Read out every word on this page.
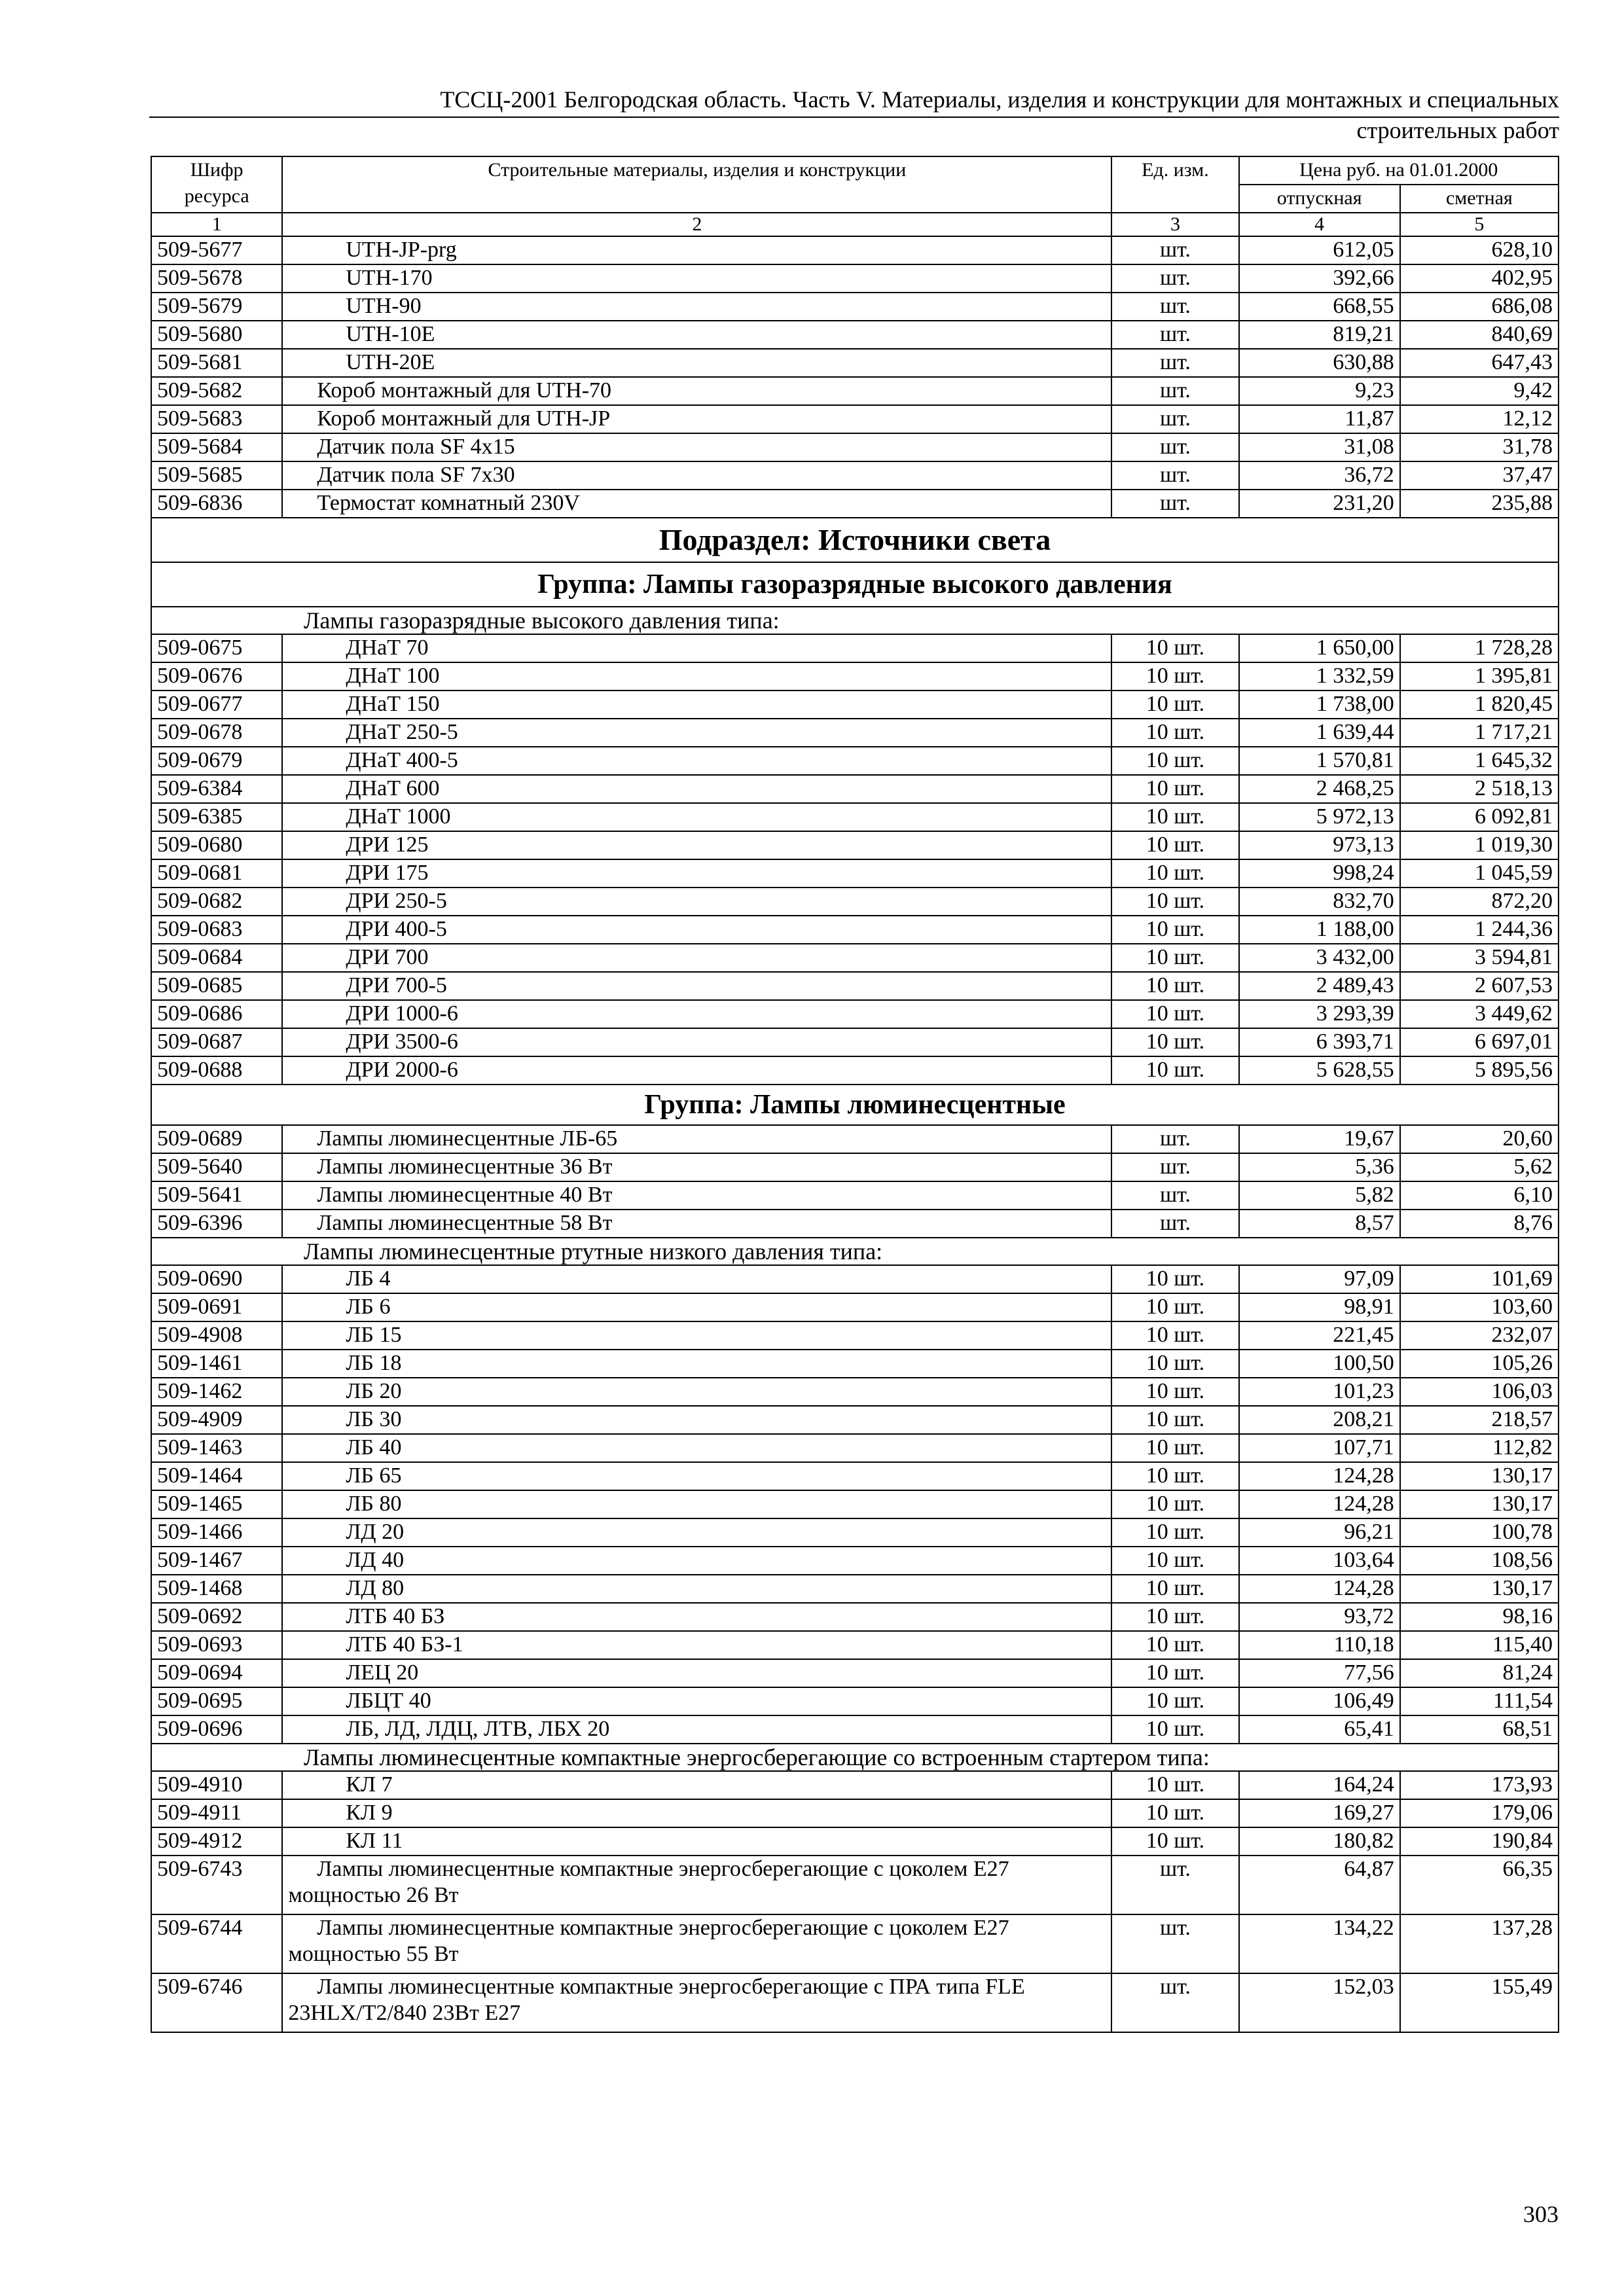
ТССЦ-2001 Белгородская область. Часть V. Материалы, изделия и конструкции для монтажных и специальных
строительных работ
Шифр ресурса	Строительные материалы, изделия и конструкции	Ед. изм.	Цена руб. на 01.01.2000	
			отпускная	сметная
1	2	3	4	5
509-5677	UTH-JP-prg	шт.	612,05	628,10
509-5678	UTH-170	шт.	392,66	402,95
509-5679	UTH-90	шт.	668,55	686,08
509-5680	UTH-10E	шт.	819,21	840,69
509-5681	UTH-20E	шт.	630,88	647,43
509-5682	Короб монтажный для UTH-70	шт.	9,23	9,42
509-5683	Короб монтажный для UTH-JP	шт.	11,87	12,12
509-5684	Датчик пола SF 4x15	шт.	31,08	31,78
509-5685	Датчик пола SF 7x30	шт.	36,72	37,47
509-6836	Термостат комнатный 230V	шт.	231,20	235,88
Подраздел: Источники света				
Группа: Лампы газоразрядные высокого давления				
Лампы газоразрядные высокого давления типа:				
509-0675	ДНаТ 70	10 шт.	1 650,00	1 728,28
509-0676	ДНаТ 100	10 шт.	1 332,59	1 395,81
509-0677	ДНаТ 150	10 шт.	1 738,00	1 820,45
509-0678	ДНаТ 250-5	10 шт.	1 639,44	1 717,21
509-0679	ДНаТ 400-5	10 шт.	1 570,81	1 645,32
509-6384	ДНаТ 600	10 шт.	2 468,25	2 518,13
509-6385	ДНаТ 1000	10 шт.	5 972,13	6 092,81
509-0680	ДРИ 125	10 шт.	973,13	1 019,30
509-0681	ДРИ 175	10 шт.	998,24	1 045,59
509-0682	ДРИ 250-5	10 шт.	832,70	872,20
509-0683	ДРИ 400-5	10 шт.	1 188,00	1 244,36
509-0684	ДРИ 700	10 шт.	3 432,00	3 594,81
509-0685	ДРИ 700-5	10 шт.	2 489,43	2 607,53
509-0686	ДРИ 1000-6	10 шт.	3 293,39	3 449,62
509-0687	ДРИ 3500-6	10 шт.	6 393,71	6 697,01
509-0688	ДРИ 2000-6	10 шт.	5 628,55	5 895,56
Группа: Лампы люминесцентные				
509-0689	Лампы люминесцентные ЛБ-65	шт.	19,67	20,60
509-5640	Лампы люминесцентные 36 Вт	шт.	5,36	5,62
509-5641	Лампы люминесцентные 40 Вт	шт.	5,82	6,10
509-6396	Лампы люминесцентные 58 Вт	шт.	8,57	8,76
Лампы люминесцентные ртутные низкого давления типа:				
509-0690	ЛБ 4	10 шт.	97,09	101,69
509-0691	ЛБ 6	10 шт.	98,91	103,60
509-4908	ЛБ 15	10 шт.	221,45	232,07
509-1461	ЛБ 18	10 шт.	100,50	105,26
509-1462	ЛБ 20	10 шт.	101,23	106,03
509-4909	ЛБ 30	10 шт.	208,21	218,57
509-1463	ЛБ 40	10 шт.	107,71	112,82
509-1464	ЛБ 65	10 шт.	124,28	130,17
509-1465	ЛБ 80	10 шт.	124,28	130,17
509-1466	ЛД 20	10 шт.	96,21	100,78
509-1467	ЛД 40	10 шт.	103,64	108,56
509-1468	ЛД 80	10 шт.	124,28	130,17
509-0692	ЛТБ 40 БЗ	10 шт.	93,72	98,16
509-0693	ЛТБ 40 БЗ-1	10 шт.	110,18	115,40
509-0694	ЛЕЦ 20	10 шт.	77,56	81,24
509-0695	ЛБЦТ 40	10 шт.	106,49	111,54
509-0696	ЛБ, ЛД, ЛДЦ, ЛТВ, ЛБХ 20	10 шт.	65,41	68,51
Лампы люминесцентные компактные энергосберегающие со встроенным стартером типа:				
509-4910	КЛ 7	10 шт.	164,24	173,93
509-4911	КЛ 9	10 шт.	169,27	179,06
509-4912	КЛ 11	10 шт.	180,82	190,84
509-6743	Лампы люминесцентные компактные энергосберегающие с цоколем Е27 мощностью 26 Вт	шт.	64,87	66,35
509-6744	Лампы люминесцентные компактные энергосберегающие с цоколем Е27 мощностью 55 Вт	шт.	134,22	137,28
509-6746	Лампы люминесцентные компактные энергосберегающие с ПРА типа FLE 23HLX/T2/840 23Вт Е27	шт.	152,03	155,49
303
